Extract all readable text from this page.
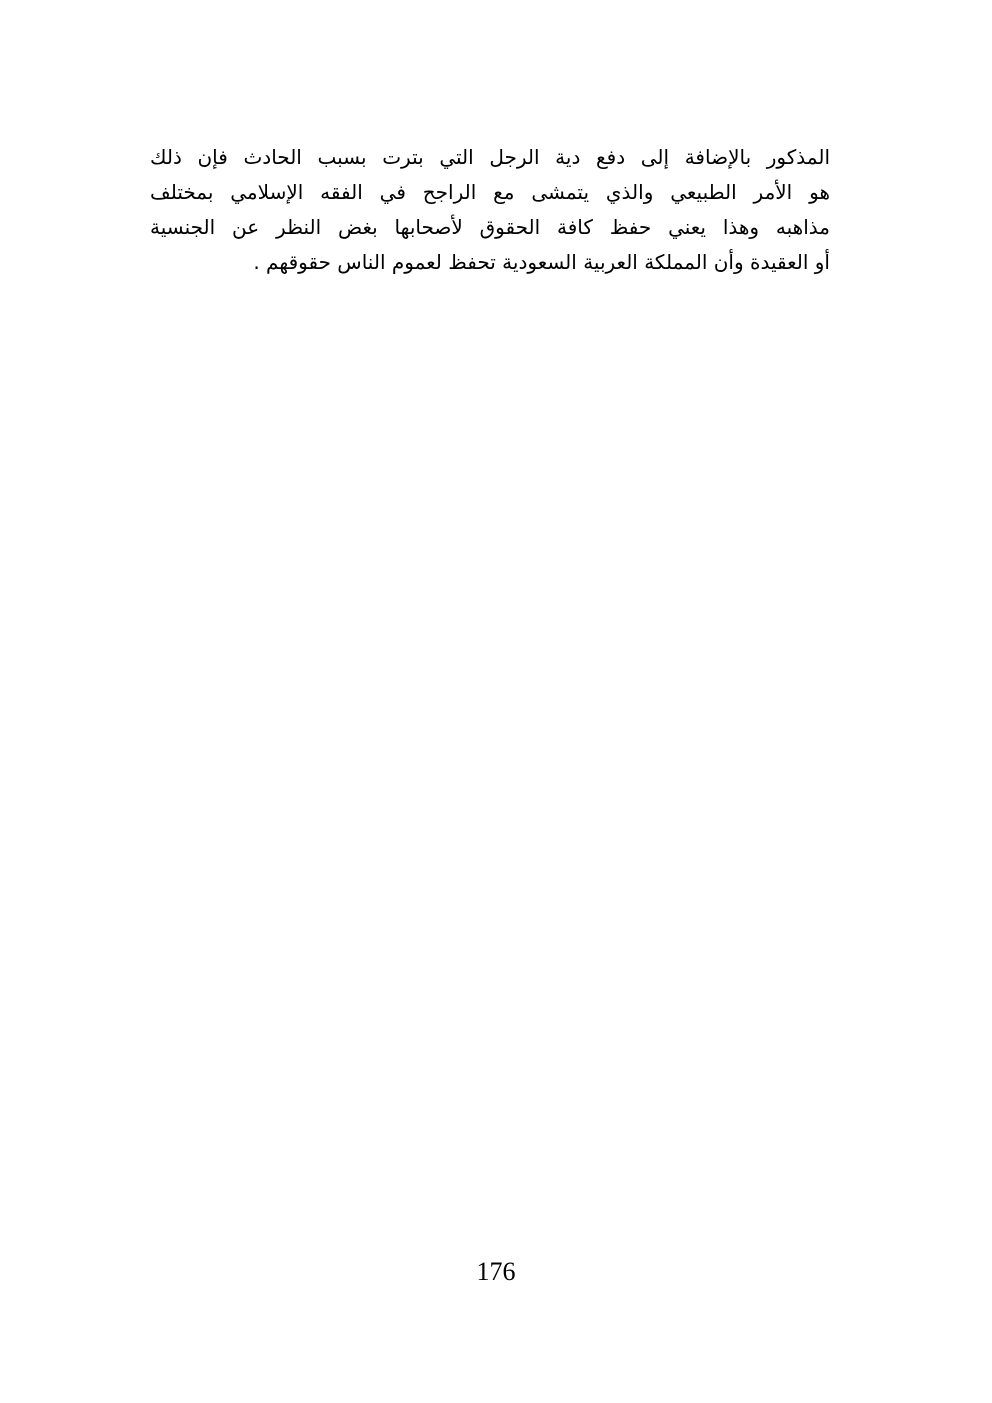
المذكور بالإضافة إلى دفع دية الرجل التي بترت بسبب الحادث فإن ذلك
هو الأمر الطبيعي والذي يتمشى مع الراجح في الفقه الإسلامي بمختلف
مذاهبه وهذا يعني حفظ كافة الحقوق لأصحابها بغض النظر عن الجنسية
أو العقيدة وأن المملكة العربية السعودية تحفظ لعموم الناس حقوقهم .
176
